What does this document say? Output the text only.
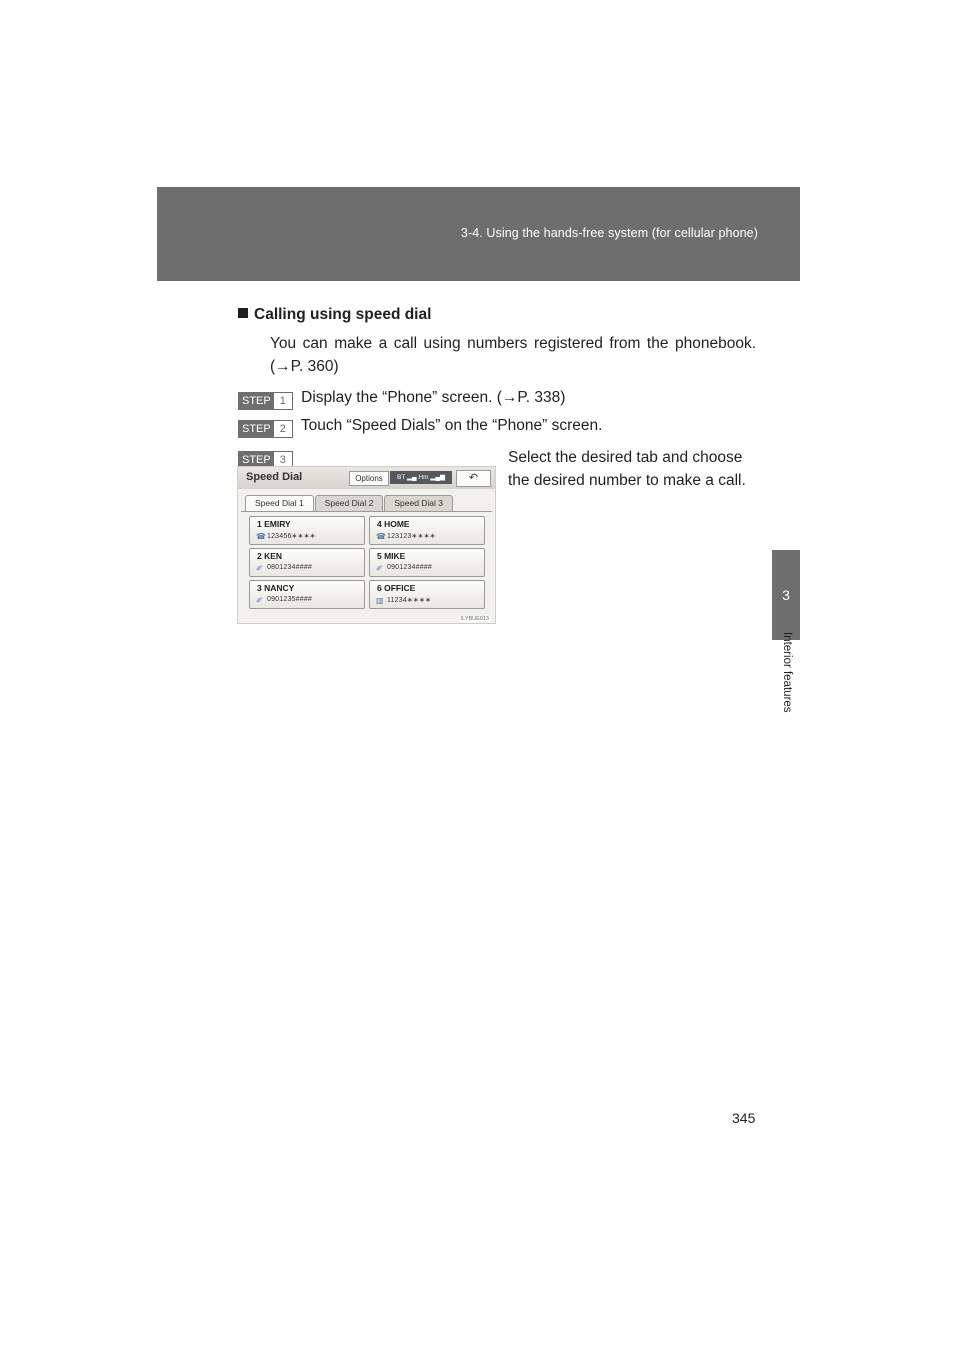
3-4. Using the hands-free system (for cellular phone)
3
Interior features
Calling using speed dial
You can make a call using numbers registered from the phonebook. (→P. 360)
STEP 1 Display the “Phone” screen. (→P. 338)
STEP 2 Touch “Speed Dials” on the “Phone” screen.
STEP 3	Select the desired tab and choose the desired number to make a call.
Speed Dial	Options	BT ▂▄ Hm ▂▄▆	↶
Speed Dial 1	Speed Dial 2	Speed Dial 3
1 EMIRY
☎ 123456∗∗∗∗
4 HOME
☎ 123123∗∗∗∗
2 KEN
✐ 0801234####
5 MIKE
✐ 0901234####
3 NANCY
✐ 0901235####
6 OFFICE
▥ 11234∗∗∗∗
ILYBUE013
345
